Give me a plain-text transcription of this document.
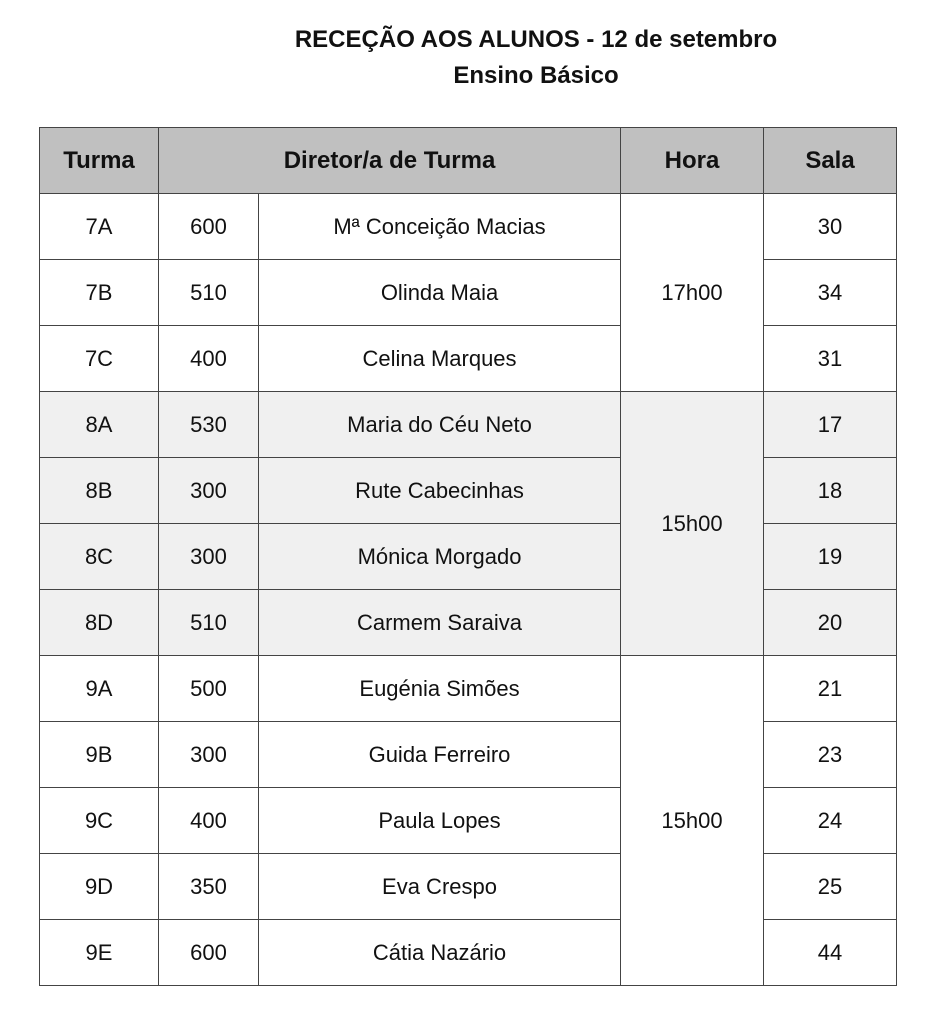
RECEÇÃO AOS ALUNOS - 12 de setembro
Ensino Básico
Turma	Diretor/a de Turma		Hora	Sala
7A	600	Mª Conceição Macias	17h00	30
7B	510	Olinda Maia		34
7C	400	Celina Marques		31
8A	530	Maria do Céu Neto	15h00	17
8B	300	Rute Cabecinhas		18
8C	300	Mónica Morgado		19
8D	510	Carmem Saraiva		20
9A	500	Eugénia Simões	15h00	21
9B	300	Guida Ferreiro		23
9C	400	Paula Lopes		24
9D	350	Eva Crespo		25
9E	600	Cátia Nazário		44
